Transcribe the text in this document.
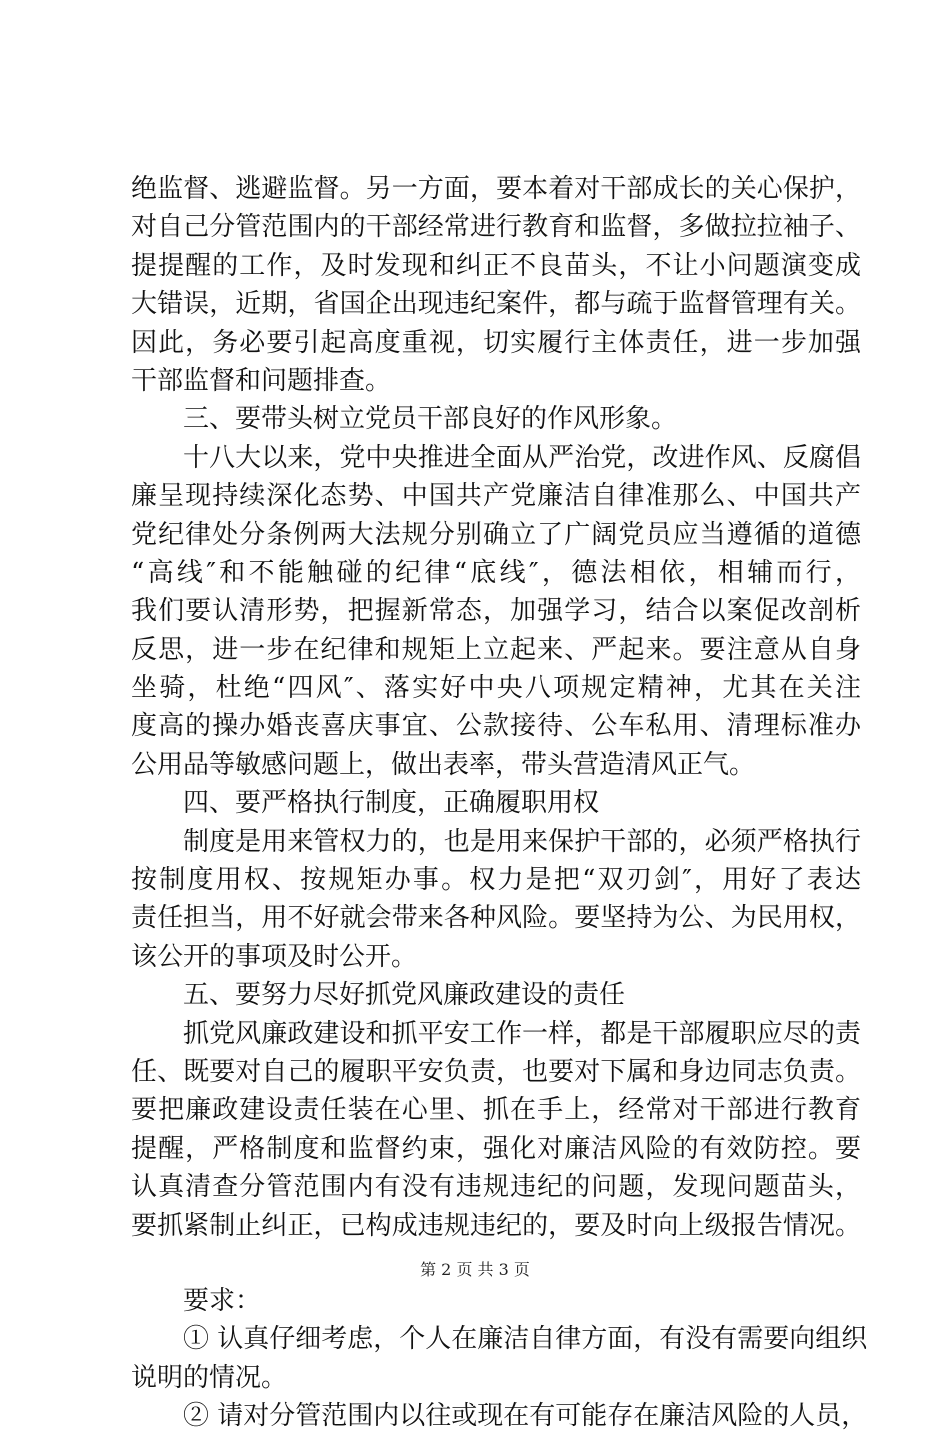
绝监督、逃避监督。另一方面，要本着对干部成长的关心保护，
对自己分管范围内的干部经常进行教育和监督，多做拉拉袖子、
提提醒的工作，及时发现和纠正不良苗头，不让小问题演变成
大错误，近期，省国企出现违纪案件，都与疏于监督管理有关。
因此，务必要引起高度重视，切实履行主体责任，进一步加强
干部监督和问题排查。
三、要带头树立党员干部良好的作风形象。
十八大以来，党中央推进全面从严治党，改进作风、反腐倡
廉呈现持续深化态势、中国共产党廉洁自律准那么、中国共产
党纪律处分条例两大法规分别确立了广阔党员应当遵循的道德
“高线″和不能触碰的纪律“底线″，德法相依，相辅而行，
我们要认清形势，把握新常态，加强学习，结合以案促改剖析
反思，进一步在纪律和规矩上立起来、严起来。要注意从自身
坐骑，杜绝“四风″、落实好中央八项规定精神，尤其在关注
度高的操办婚丧喜庆事宜、公款接待、公车私用、清理标准办
公用品等敏感问题上，做出表率，带头营造清风正气。
四、要严格执行制度，正确履职用权
制度是用来管权力的，也是用来保护干部的，必须严格执行
按制度用权、按规矩办事。权力是把“双刃剑″，用好了表达
责任担当，用不好就会带来各种风险。要坚持为公、为民用权，
该公开的事项及时公开。
五、要努力尽好抓党风廉政建设的责任
抓党风廉政建设和抓平安工作一样，都是干部履职应尽的责
任、既要对自己的履职平安负责，也要对下属和身边同志负责。
要把廉政建设责任装在心里、抓在手上，经常对干部进行教育
提醒，严格制度和监督约束，强化对廉洁风险的有效防控。要
认真清查分管范围内有没有违规违纪的问题，发现问题苗头，
要抓紧制止纠正，已构成违规违纪的，要及时向上级报告情况。
要求：
① 认真仔细考虑，个人在廉洁自律方面，有没有需要向组织
说明的情况。
② 请对分管范围内以往或现在有可能存在廉洁风险的人员，
第 2 页 共 3 页
